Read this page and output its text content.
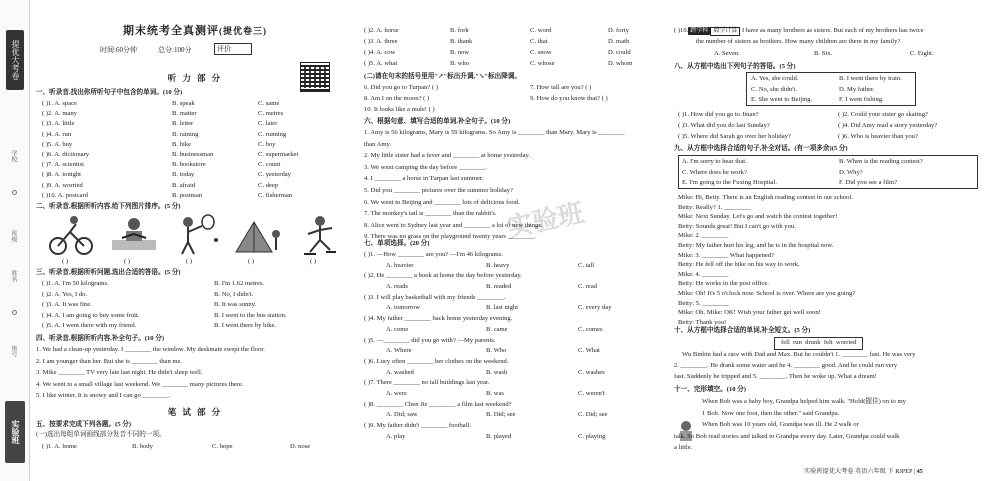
提优大考卷
学校
班级
姓名
座号
实验班
期末统考全真测评(提优卷三)
时间:60分钟	总分:100分	评价
听 力 部 分
一、听录音,找出你所听句子中包含的单词。(10 分)
( )1. A. space	B. speak	C. same
( )2. A. many	B. matter	C. metres
( )3. A. little	B. letter	C. later
( )4. A. run	B. raining	C. running
( )5. A. buy	B. bike	C. boy
( )6. A. dictionary	B. businessman	C. supermarket
( )7. A. scientist	B. bookstore	C. count
( )8. A. tonight	B. today	C. yesterday
( )9. A. worried	B. afraid	C. deep
( )10. A. postcard	B. postman	C. fisherman
二、听录音,根据所听内容,给下列图片排序。(5 分)
( )	( )	( )	( )	( )
三、听录音,根据所听问题,选出合适的答语。(5 分)
( )1. A. I'm 50 kilograms.	B. I'm 1.62 metres.
( )2. A. Yes, I do.	B. No, I didn't.
( )3. A. It was fine.	B. It was sunny.
( )4. A. I am going to buy some fruit.	B. I went to the bus station.
( )5. A. I went there with my friend.	B. I went there by bike.
四、听录音,根据所听内容,补全句子。(10 分)
1. We had a clean-up yesterday. I ________ the window. My deskmate swept the floor.
2. I am younger than her. But she is ________ than me.
3. Mike ________ TV very late last night. He didn't sleep well.
4. We went to a small village last weekend. We ________ many pictures there.
5. I like winter. It is snowy and I can go ________.
笔 试 部 分
五、按要求完成下列各题。(5 分)
(一)选出每组单词画线部分发音不同的一项。
( )1. A. home	B. body	C. hope	D. nose
实验班
( )2. A. horse	B. fork	C. word	D. forty
( )3. A. three	B. thank	C. that	D. math
( )4. A. cow	B. now	C. snow	D. could
( )5. A. what	B. who	C. whose	D. whom
(二)请在句末的括号里用"↗"标出升调,"↘"标出降调。
6. Did you go to Turpan? ( )	7. How tall are you? ( )
8. Am I on the moon? ( )	9. How do you know that? ( )
10. It looks like a mule! ( )
六、根据句意、填写合适的单词,补全句子。(10 分)
1. Amy is 56 kilograms, Mary is 59 kilograms. So Amy is ________ than Mary. Mary is ________
than Amy.
2. My little sister had a fever and ________ at home yesterday.
3. We went camping the day before ________.
4. I ________ a horse in Turpan last summer.
5. Did you ________ pictures over the summer holiday?
6. We went to Beijing and ________ lots of delicious food.
7. The monkey's tail is ________ than the rabbit's.
8. Alice went to Sydney last year and ________ a lot of new things.
9. There was no grass on the playground twenty years ________.
七、单项选择。(20 分)
( )1. —How ________ are you? —I'm 46 kilograms.
A. heavier	B. heavy	C. tall
( )2. He ________ a book at home the day before yesterday.
A. reads	B. readed	C. read
( )3. I will play basketball with my friends ________.
A. tomorrow	B. last night	C. every day
( )4. My father ________ back home yesterday evening.
A. come	B. came	C. comes
( )5. —________ did you go with? —My parents.
A. Where	B. Who	C. What
( )6. Lucy often ________ her clothes on the weekend.
A. washed	B. wash	C. washes
( )7. There ________ no tall buildings last year.
A. were	B. was	C. weren't
( )8. ________ Chen Jie ________ a film last weekend?
A. Did; saw	B. Did; see	C. Did; see
( )9. My father didn't ________ football.
A. play	B. played	C. playing
( )10. 跨学科 数学计算 I have as many brothers as sisters. But each of my brothers has twice
the number of sisters as brothers. How many children are there in my family?
A. Seven.	B. Six.	C. Eight.
八、从方框中选出下列句子的答语。(5 分)
A. Yes, she could.	B. I went there by train.
C. No, she didn't.	D. My father.
E. She went to Beijing.	F. I went fishing.
( )1. How did you go to Jinan?	( )2. Could your sister go skating?
( )3. What did you do last Sunday?	( )4. Did Amy read a story yesterday?
( )5. Where did Sarah go over her holiday?	( )6. Who is heavier than you?
九、从方框中选择合适的句子,补全对话。(有一项多余)(5 分)
A. I'm sorry to hear that.	B. When is the reading contest?
C. Where does he work?	D. Why?
E. I'm going to the Fuxing Hospital.	F. Did you see a film?
Mike: Hi, Betty. There is an English reading contest in our school.
Betty: Really? 1. ________
Mike: Next Sunday. Let's go and watch the contest together!
Betty: Sounds great! But I can't go with you.
Mike: 2. ________
Betty: My father hurt his leg, and he is in the hospital now.
Mike: 3. ________ What happened?
Betty: He fell off the bike on his way to work.
Mike: 4. ________
Betty: He works in the post office.
Mike: Oh! It's 5 o'clock now. School is over. Where are you going?
Betty: 5. ________
Mike: Oh. Mike: OK! Wish your father get well soon!
Betty: Thank you!
十、从方框中选择合适的单词,补全短文。(5 分)
fell  run  drunk  felt  worried
Wu Binbin had a race with Dad and Max. But he couldn't 1. ________ fast. He was very
2. ________. He drank some water and he 4. ________ good. And he could run very
fast. Suddenly he tripped and 5. ________. Then he woke up. What a dream!
十一、完形填空。(10 分)
When Bob was a baby boy, Grandpa helped him walk. "Hold(握住) on to my
1 Bob. Now one foot, then the other." said Grandpa.
When Bob was 10 years old, Grandpa was ill. He 2 walk or
talk. So Bob read stories and talked to Grandpa every day. Later, Grandpa could walk
a little.
实验班提优大考卷 英语六年级 下 RJPEP | 45
